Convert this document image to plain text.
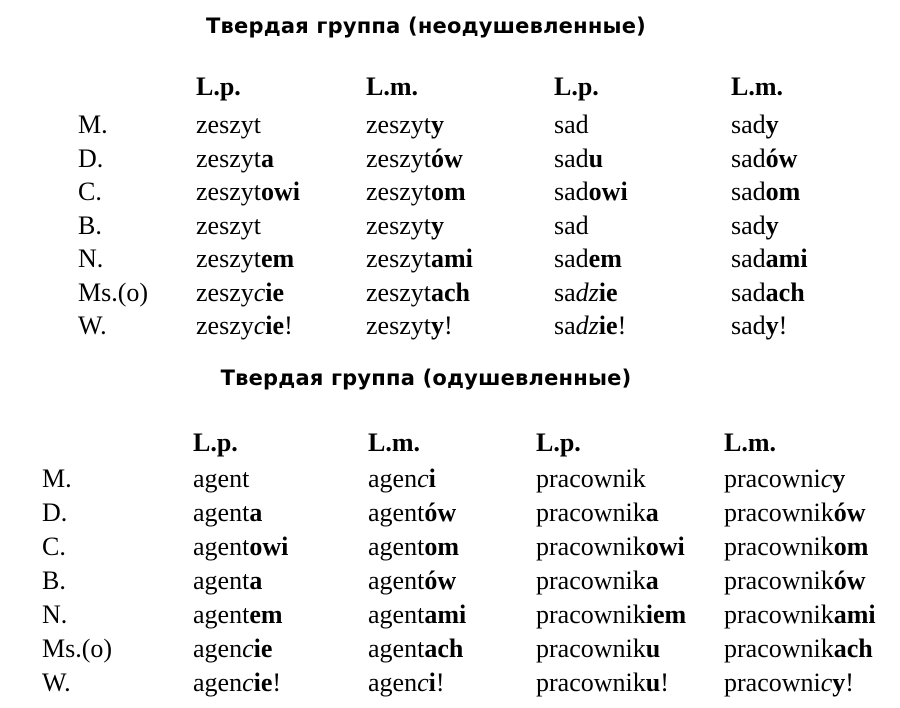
Твердая группа (неодушевленные)
L.p.	L.m.	L.p.	L.m.
M.	zeszyt	zeszyty	sad	sady
D.	zeszyta	zeszytów	sadu	sadów
C.	zeszytowi	zeszytom	sadowi	sadom
B.	zeszyt	zeszyty	sad	sady
N.	zeszytem	zeszytami	sadem	sadami
Ms.(o) zeszycie	zeszytach	sadzie	sadach
W.	zeszycie!	zeszyty!	sadzie!	sady!
Твердая группа (одушевленные)
L.p.	L.m.	L.p.	L.m.
M.	agent	agenci	pracownik	pracownicy
D.	agenta	agentów	pracownika	pracowników
C.	agentowi	agentom	pracownikowi pracownikom
B.	agenta	agentów	pracownika	pracowników
N.	agentem	agentami	pracownikiem pracownikami
Ms.(o)	agencie	agentach	pracowniku pracownikach
W.	agencie!	agenci!	pracowniku! pracownicy!
